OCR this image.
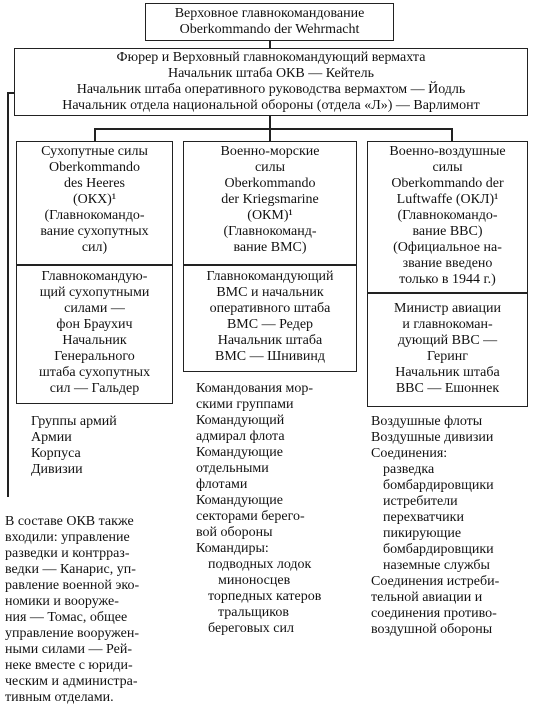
Верховное главнокомандование
Oberkommando der Wehrmacht
Фюрер и Верховный главнокомандующий вермахта
Начальник штаба ОКВ — Кейтель
Начальник штаба оперативного руководства вермахтом — Йодль
Начальник отдела национальной обороны (отдела «Л») — Варлимонт
Сухопутные силы
Oberkommando
des Heeres
(ОКХ)¹
(Главнокомандо-
вание сухопутных
сил)
Главнокомандую-
щий сухопутными
силами —
фон Браухич
Начальник
Генерального
штаба сухопутных
сил — Гальдер
Военно-морские
силы
Oberkommando
der Kriegsmarine
(ОКМ)¹
(Главнокоманд-
вание ВМС)
Главнокомандующий
ВМС и начальник
оперативного штаба
ВМС — Редер
Начальник штаба
ВМС — Шнивинд
Военно-воздушные
силы
Oberkommando der
Luftwaffe (ОКЛ)¹
(Главнокомандо-
вание ВВС)
(Официальное на-
звание введено
только в 1944 г.)
Министр авиации
и главнокоман-
дующий ВВС —
Геринг
Начальник штаба
ВВС — Ешоннек
Группы армий
Армии
Корпуса
Дивизии
Командования мор-
скими группами
Командующий
адмирал флота
Командующие
отдельными
флотами
Командующие
секторами берего-
вой обороны
Командиры:
подводных лодок
миноносцев
торпедных катеров
тральщиков
береговых сил
Воздушные флоты
Воздушные дивизии
Соединения:
разведка
бомбардировщики
истребители
перехватчики
пикирующие
бомбардировщики
наземные службы
Соединения истреби-
тельной авиации и
соединения противо-
воздушной обороны
В составе ОКВ также
входили: управление
разведки и контрраз-
ведки — Канарис, уп-
равление военной эко-
номики и вооруже-
ния — Томас, общее
управление вооружен-
ными силами — Рей-
неке вместе с юриди-
ческим и администра-
тивным отделами.
